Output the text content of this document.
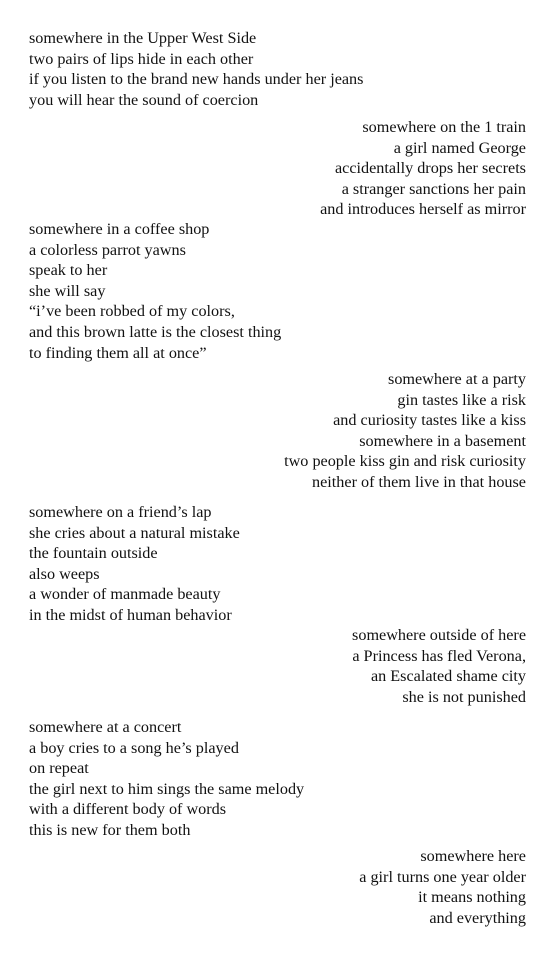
somewhere in the Upper West Side
two pairs of lips hide in each other
if you listen to the brand new hands under her jeans
you will hear the sound of coercion
somewhere on the 1 train
a girl named George
accidentally drops her secrets
a stranger sanctions her pain
and introduces herself as mirror
somewhere in a coffee shop
a colorless parrot yawns
speak to her
she will say
“i’ve been robbed of my colors,
and this brown latte is the closest thing
to finding them all at once”
somewhere at a party
gin tastes like a risk
and curiosity tastes like a kiss
somewhere in a basement
two people kiss gin and risk curiosity
neither of them live in that house
somewhere on a friend’s lap
she cries about a natural mistake
the fountain outside
also weeps
a wonder of manmade beauty
in the midst of human behavior
somewhere outside of here
a Princess has fled Verona,
an Escalated shame city
she is not punished
somewhere at a concert
a boy cries to a song he’s played
on repeat
the girl next to him sings the same melody
with a different body of words
this is new for them both
somewhere here
a girl turns one year older
it means nothing
and everything
